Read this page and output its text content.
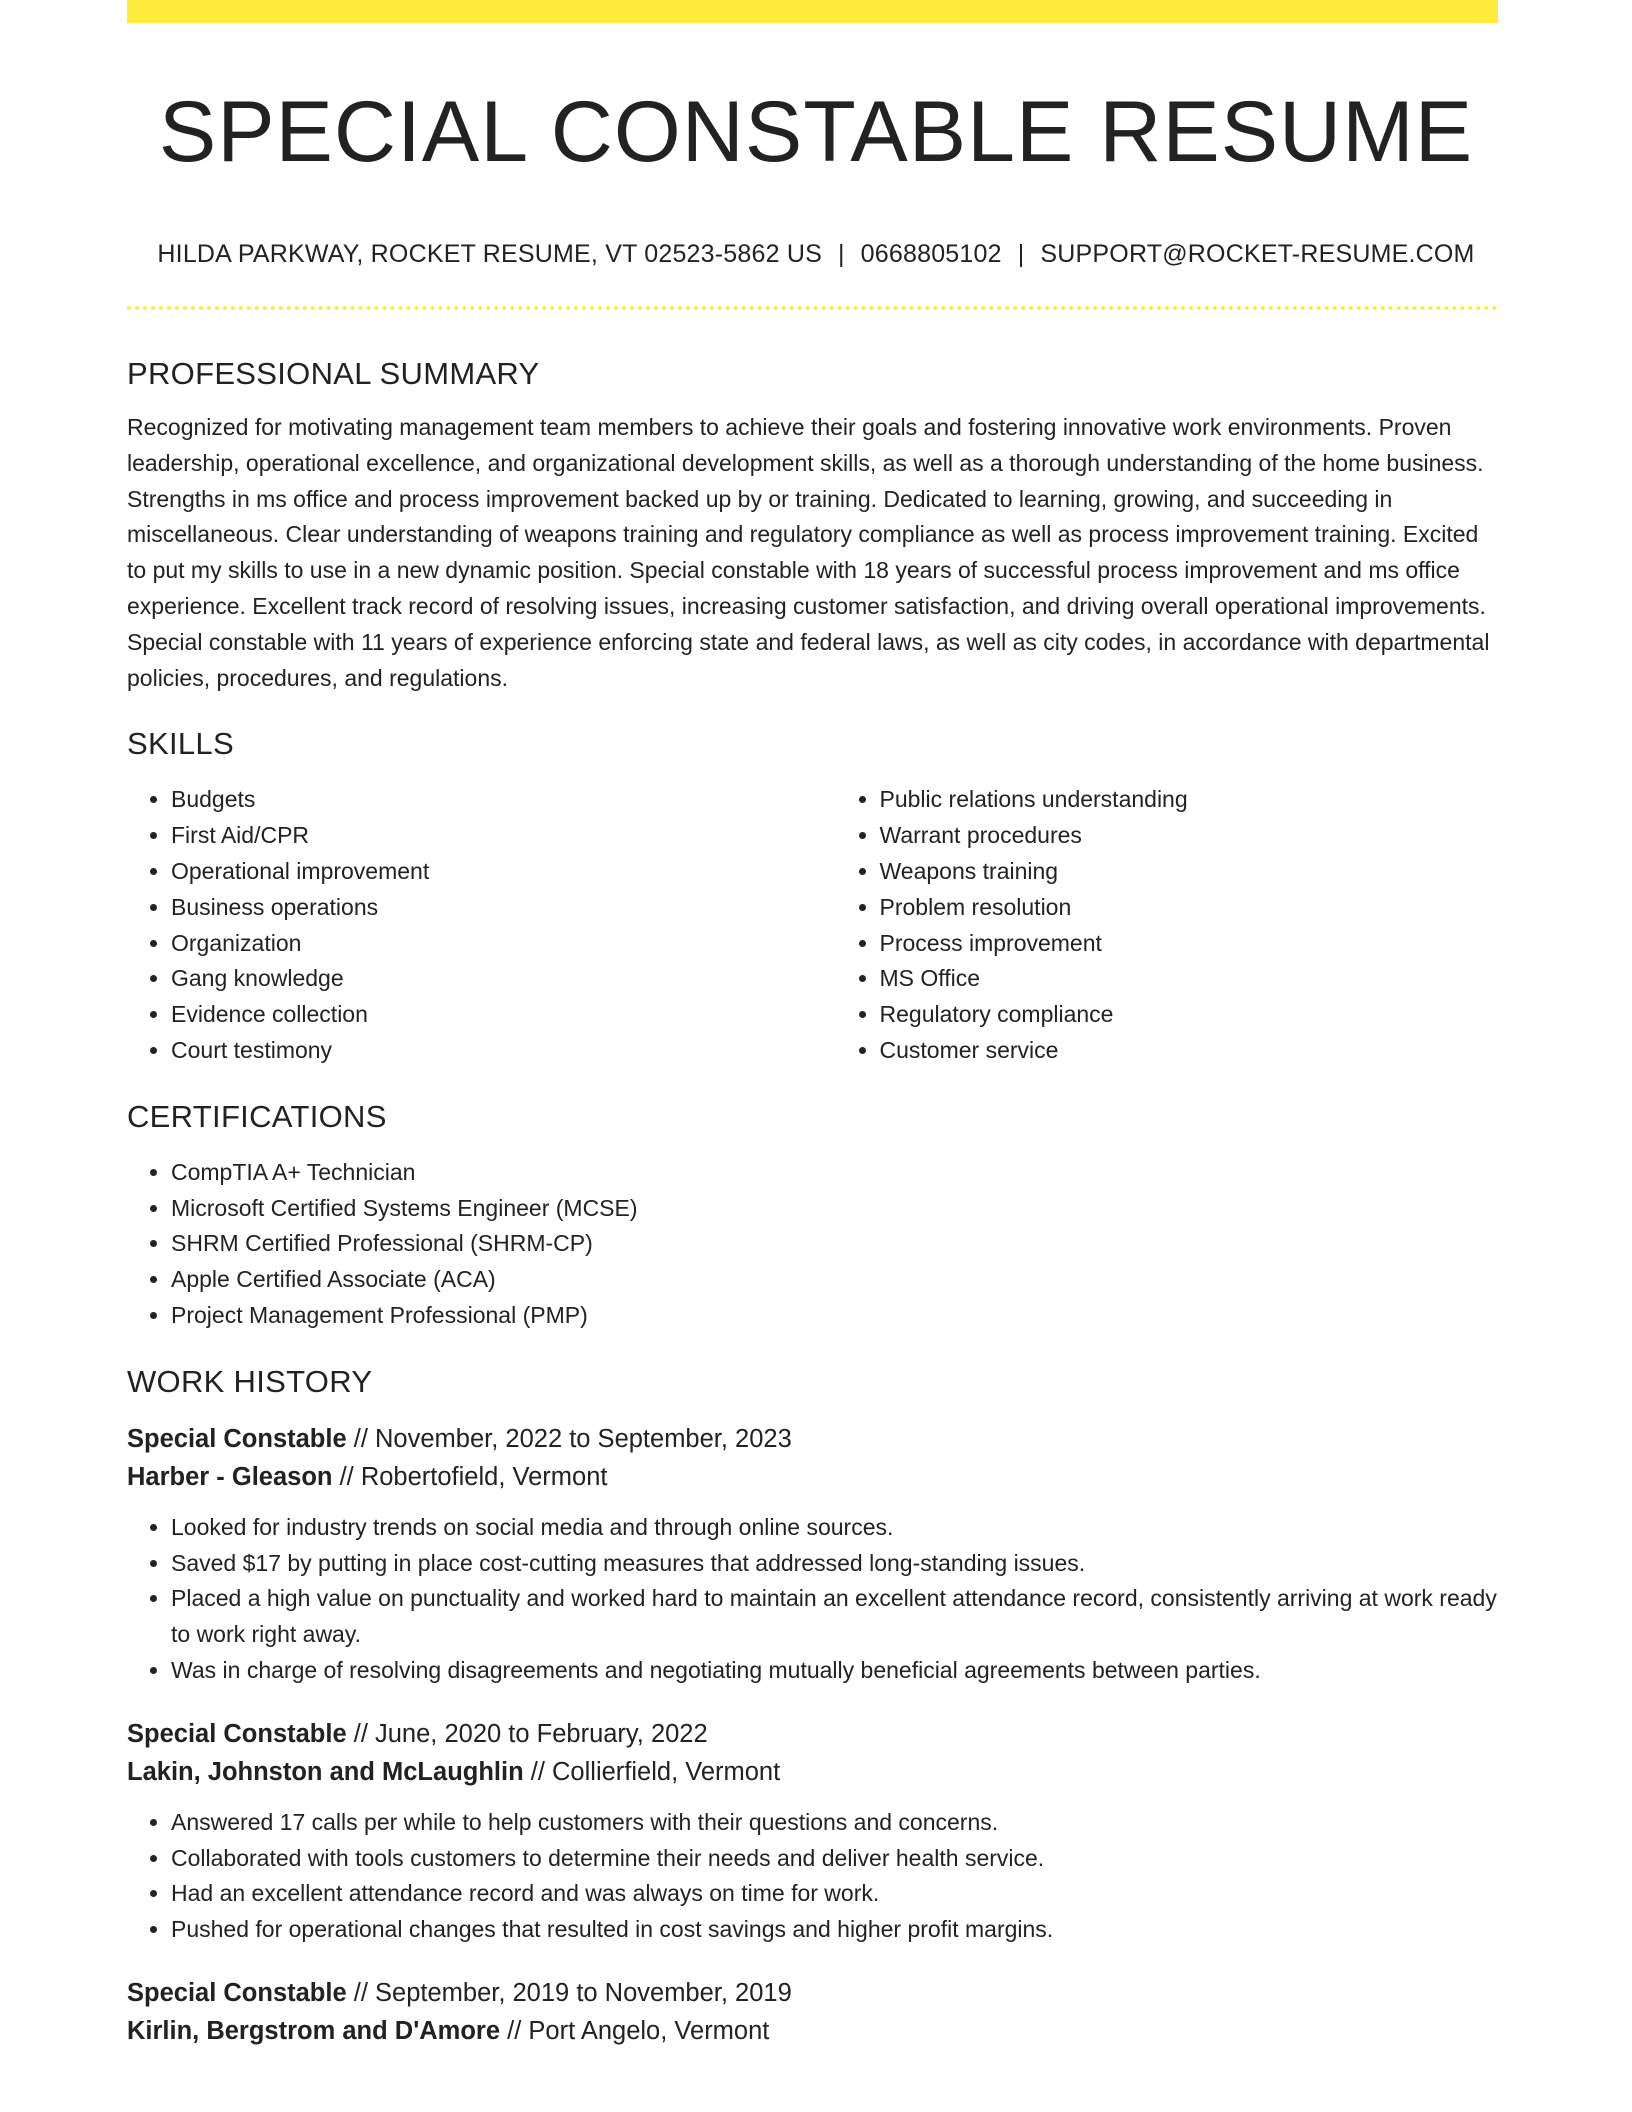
SPECIAL CONSTABLE RESUME
HILDA PARKWAY, ROCKET RESUME, VT 02523-5862 US | 0668805102 | SUPPORT@ROCKET-RESUME.COM
PROFESSIONAL SUMMARY

Recognized for motivating management team members to achieve their goals and fostering innovative work environments. Proven leadership, operational excellence, and organizational development skills, as well as a thorough understanding of the home business. Strengths in ms office and process improvement backed up by or training. Dedicated to learning, growing, and succeeding in miscellaneous. Clear understanding of weapons training and regulatory compliance as well as process improvement training. Excited to put my skills to use in a new dynamic position. Special constable with 18 years of successful process improvement and ms office experience. Excellent track record of resolving issues, increasing customer satisfaction, and driving overall operational improvements. Special constable with 11 years of experience enforcing state and federal laws, as well as city codes, in accordance with departmental policies, procedures, and regulations.

SKILLS
• Budgets
• First Aid/CPR
• Operational improvement
• Business operations
• Organization
• Gang knowledge
• Evidence collection
• Court testimony
• Public relations understanding
• Warrant procedures
• Weapons training
• Problem resolution
• Process improvement
• MS Office
• Regulatory compliance
• Customer service
CERTIFICATIONS
• CompTIA A+ Technician
• Microsoft Certified Systems Engineer (MCSE)
• SHRM Certified Professional (SHRM-CP)
• Apple Certified Associate (ACA)
• Project Management Professional (PMP)
WORK HISTORY
Special Constable // November, 2022 to September, 2023
Harber - Gleason // Robertofield, Vermont
• Looked for industry trends on social media and through online sources.
• Saved $17 by putting in place cost-cutting measures that addressed long-standing issues.
• Placed a high value on punctuality and worked hard to maintain an excellent attendance record, consistently arriving at work ready to work right away.
• Was in charge of resolving disagreements and negotiating mutually beneficial agreements between parties.
Special Constable // June, 2020 to February, 2022
Lakin, Johnston and McLaughlin // Collierfield, Vermont
• Answered 17 calls per while to help customers with their questions and concerns.
• Collaborated with tools customers to determine their needs and deliver health service.
• Had an excellent attendance record and was always on time for work.
• Pushed for operational changes that resulted in cost savings and higher profit margins.
Special Constable // September, 2019 to November, 2019
Kirlin, Bergstrom and D'Amore // Port Angelo, Vermont
